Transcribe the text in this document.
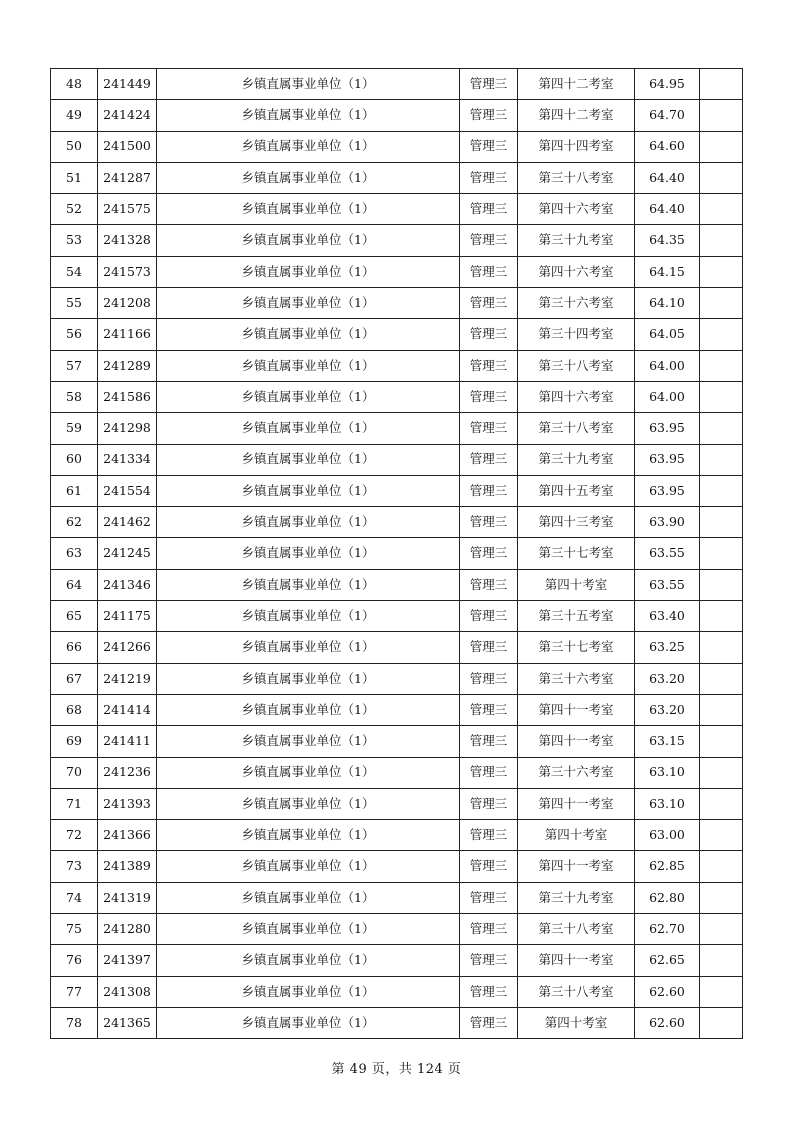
48	241449	乡镇直属事业单位（1）	管理三	第四十二考室	64.95	
49	241424	乡镇直属事业单位（1）	管理三	第四十二考室	64.70	
50	241500	乡镇直属事业单位（1）	管理三	第四十四考室	64.60	
51	241287	乡镇直属事业单位（1）	管理三	第三十八考室	64.40	
52	241575	乡镇直属事业单位（1）	管理三	第四十六考室	64.40	
53	241328	乡镇直属事业单位（1）	管理三	第三十九考室	64.35	
54	241573	乡镇直属事业单位（1）	管理三	第四十六考室	64.15	
55	241208	乡镇直属事业单位（1）	管理三	第三十六考室	64.10	
56	241166	乡镇直属事业单位（1）	管理三	第三十四考室	64.05	
57	241289	乡镇直属事业单位（1）	管理三	第三十八考室	64.00	
58	241586	乡镇直属事业单位（1）	管理三	第四十六考室	64.00	
59	241298	乡镇直属事业单位（1）	管理三	第三十八考室	63.95	
60	241334	乡镇直属事业单位（1）	管理三	第三十九考室	63.95	
61	241554	乡镇直属事业单位（1）	管理三	第四十五考室	63.95	
62	241462	乡镇直属事业单位（1）	管理三	第四十三考室	63.90	
63	241245	乡镇直属事业单位（1）	管理三	第三十七考室	63.55	
64	241346	乡镇直属事业单位（1）	管理三	第四十考室	63.55	
65	241175	乡镇直属事业单位（1）	管理三	第三十五考室	63.40	
66	241266	乡镇直属事业单位（1）	管理三	第三十七考室	63.25	
67	241219	乡镇直属事业单位（1）	管理三	第三十六考室	63.20	
68	241414	乡镇直属事业单位（1）	管理三	第四十一考室	63.20	
69	241411	乡镇直属事业单位（1）	管理三	第四十一考室	63.15	
70	241236	乡镇直属事业单位（1）	管理三	第三十六考室	63.10	
71	241393	乡镇直属事业单位（1）	管理三	第四十一考室	63.10	
72	241366	乡镇直属事业单位（1）	管理三	第四十考室	63.00	
73	241389	乡镇直属事业单位（1）	管理三	第四十一考室	62.85	
74	241319	乡镇直属事业单位（1）	管理三	第三十九考室	62.80	
75	241280	乡镇直属事业单位（1）	管理三	第三十八考室	62.70	
76	241397	乡镇直属事业单位（1）	管理三	第四十一考室	62.65	
77	241308	乡镇直属事业单位（1）	管理三	第三十八考室	62.60	
78	241365	乡镇直属事业单位（1）	管理三	第四十考室	62.60	
第 49 页，共 124 页
